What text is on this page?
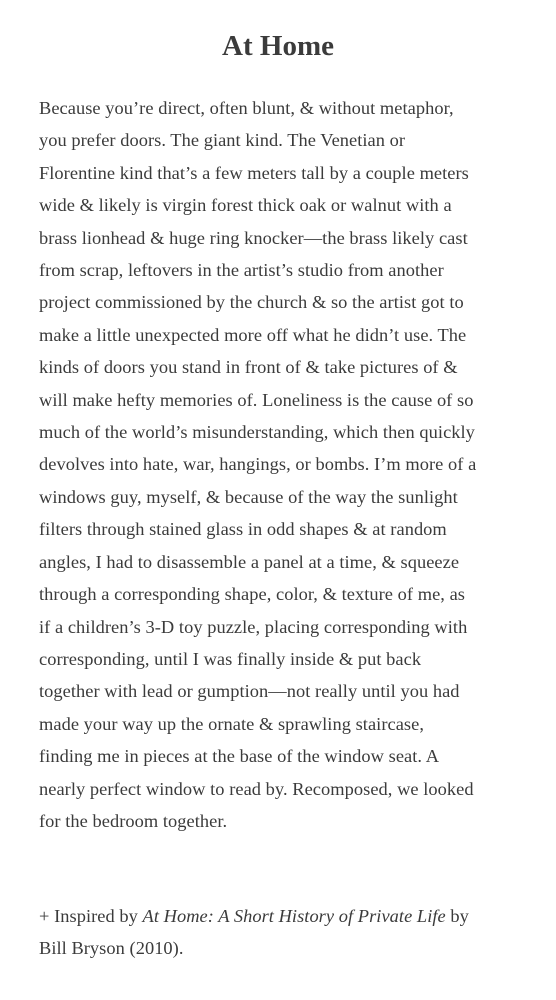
At Home
Because you’re direct, often blunt, & without metaphor,
you prefer doors. The giant kind. The Venetian or
Florentine kind that’s a few meters tall by a couple meters
wide & likely is virgin forest thick oak or walnut with a
brass lionhead & huge ring knocker—the brass likely cast
from scrap, leftovers in the artist’s studio from another
project commissioned by the church & so the artist got to
make a little unexpected more off what he didn’t use. The
kinds of doors you stand in front of & take pictures of &
will make hefty memories of. Loneliness is the cause of so
much of the world’s misunderstanding, which then quickly
devolves into hate, war, hangings, or bombs. I’m more of a
windows guy, myself, & because of the way the sunlight
filters through stained glass in odd shapes & at random
angles, I had to disassemble a panel at a time, & squeeze
through a corresponding shape, color, & texture of me, as
if a children’s 3-D toy puzzle, placing corresponding with
corresponding, until I was finally inside & put back
together with lead or gumption—not really until you had
made your way up the ornate & sprawling staircase,
finding me in pieces at the base of the window seat. A
nearly perfect window to read by. Recomposed, we looked
for the bedroom together.
+ Inspired by At Home: A Short History of Private Life by
Bill Bryson (2010).
